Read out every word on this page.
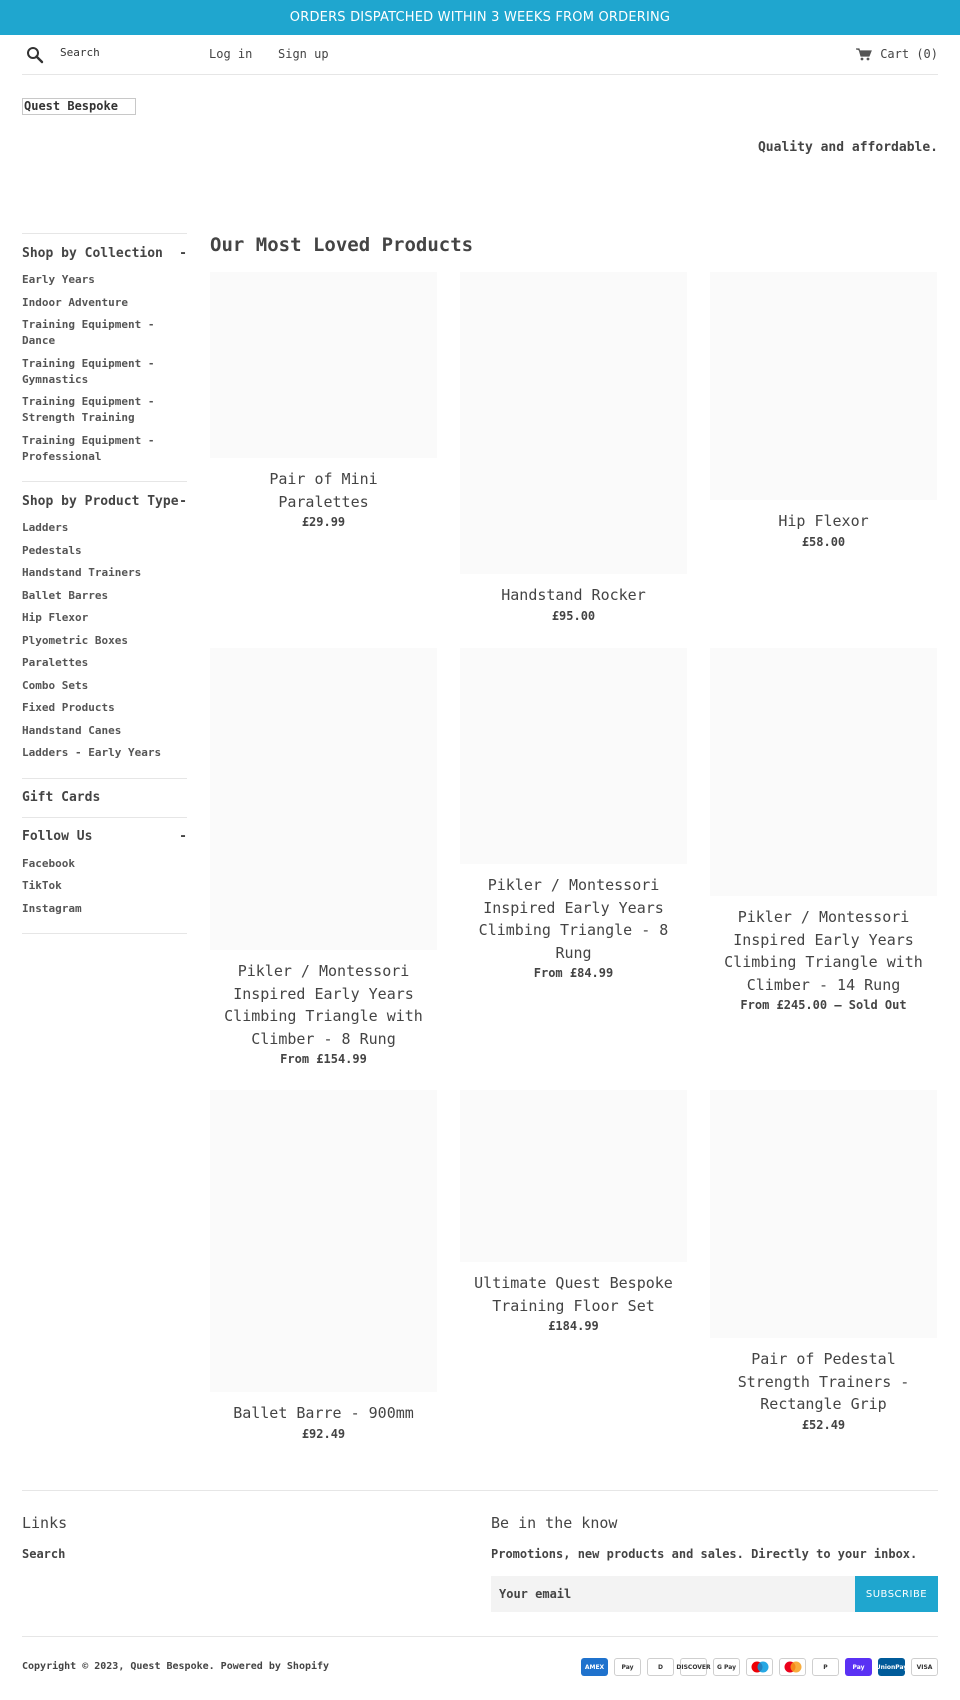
ORDERS DISPATCHED WITHIN 3 WEEKS FROM ORDERING
Search	Log in Sign up	Cart (0)
Quest Bespoke
Quality and affordable.
Shop by Collection -
Early Years
Indoor Adventure
Training Equipment - Dance
Training Equipment - Gymnastics
Training Equipment - Strength Training
Training Equipment - Professional
Shop by Product Type -
Ladders
Pedestals
Handstand Trainers
Ballet Barres
Hip Flexor
Plyometric Boxes
Paralettes
Combo Sets
Fixed Products
Handstand Canes
Ladders - Early Years
Gift Cards
Follow Us	-
Facebook
TikTok
Instagram
Our Most Loved Products
Pair of Mini Paralettes
£29.99
Handstand Rocker
£95.00
Hip Flexor
£58.00
Pikler / Montessori Inspired Early Years Climbing Triangle with Climber - 8 Rung
From £154.99
Pikler / Montessori Inspired Early Years Climbing Triangle - 8 Rung
From £84.99
Pikler / Montessori Inspired Early Years Climbing Triangle with Climber - 14 Rung
From £245.00 — Sold Out
Ballet Barre - 900mm
£92.49
Ultimate Quest Bespoke Training Floor Set
£184.99
Pair of Pedestal Strength Trainers - Rectangle Grip
£52.49
Links
Search
Be in the know
Promotions, new products and sales. Directly to your inbox.
Your email
SUBSCRIBE
Copyright © 2023, Quest Bespoke. Powered by Shopify	AMEX	Pay	D	DISCOVER	G Pay	P	Pay	UnionPay	VISA
